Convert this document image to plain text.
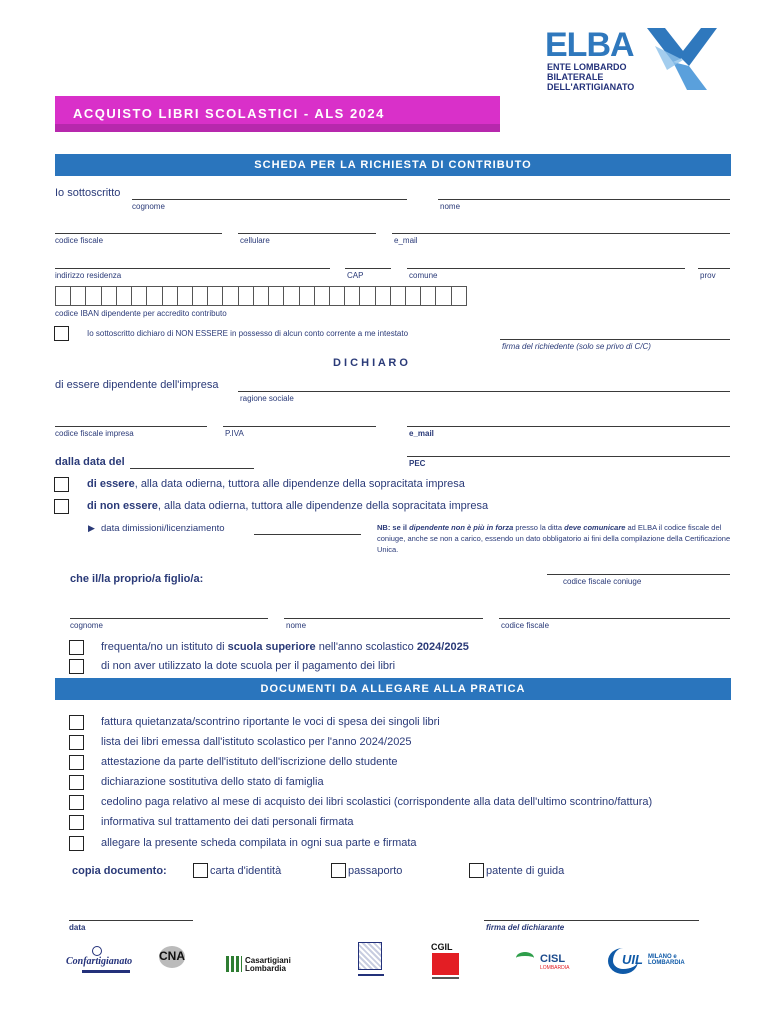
ELBA
ENTE LOMBARDO
BILATERALE
DELL'ARTIGIANATO
ACQUISTO LIBRI SCOLASTICI - ALS 2024
SCHEDA PER LA RICHIESTA DI CONTRIBUTO
Io sottoscritto
cognome	nome
codice fiscale	cellulare	e_mail
indirizzo residenza	CAP	comune	prov
codice IBAN dipendente per accredito contributo
Io sottoscritto dichiaro di NON ESSERE in possesso di alcun conto corrente a me intestato
firma del richiedente (solo se privo di C/C)
D I C H I A R O
di essere dipendente dell'impresa
ragione sociale
codice fiscale impresa	P.IVA	e_mail
dalla data del	PEC
di essere, alla data odierna, tuttora alle dipendenze della sopracitata impresa
di non essere, alla data odierna, tuttora alle dipendenze della sopracitata impresa
▶ data dimissioni/licenziamento	NB: se il dipendente non è più in forza presso la ditta deve comunicare ad ELBA il codice fiscale del coniuge, anche se non a carico, essendo un dato obbligatorio ai fini della compilazione della Certificazione Unica.
che il/la proprio/a figlio/a:	codice fiscale coniuge
cognome	nome	codice fiscale
frequenta/no un istituto di scuola superiore nell'anno scolastico 2024/2025
di non aver utilizzato la dote scuola per il pagamento dei libri
DOCUMENTI DA ALLEGARE ALLA PRATICA
fattura quietanzata/scontrino riportante le voci di spesa dei singoli libri
lista dei libri emessa dall'istituto scolastico per l'anno 2024/2025
attestazione da parte dell'istituto dell'iscrizione dello studente
dichiarazione sostitutiva dello stato di famiglia
cedolino paga relativo al mese di acquisto dei libri scolastici (corrispondente alla data dell'ultimo scontrino/fattura)
informativa sul trattamento dei dati personali firmata
allegare la presente scheda compilata in ogni sua parte e firmata
copia documento:	carta d'identità	passaporto	patente di guida
data	firma del dichiarante
Confartigianato CNA	Casartigiani Lombardia
CGIL
CISL
LOMBARDIA
UIL MILANO e LOMBARDIA
